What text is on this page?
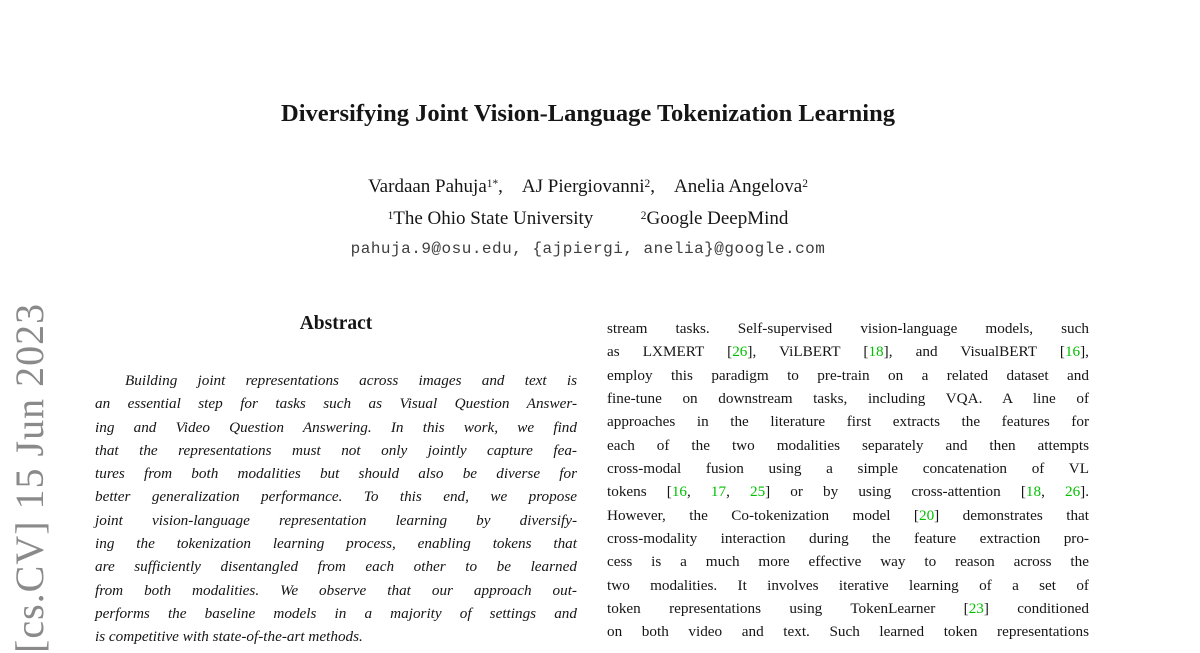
[cs.CV] 15 Jun 2023
Diversifying Joint Vision-Language Tokenization Learning
Vardaan Pahuja$^{1*}$, AJ Piergiovanni$^2$, Anelia Angelova$^2$
$^1$The Ohio State University   	$^2$Google DeepMind
pahuja.9@osu.edu, {ajpiergi, anelia}@google.com
Abstract
Building joint representations across images and text is
an essential step for tasks such as Visual Question Answer-
ing and Video Question Answering. In this work, we find
that the representations must not only jointly capture fea-
tures from both modalities but should also be diverse for
better generalization performance. To this end, we propose
joint vision-language representation learning by diversify-
ing the tokenization learning process, enabling tokens that
are sufficiently disentangled from each other to be learned
from both modalities. We observe that our approach out-
performs the baseline models in a majority of settings and
is competitive with state-of-the-art methods.
stream tasks. Self-supervised vision-language models, such
as LXMERT [26], ViLBERT [18], and VisualBERT [16],
employ this paradigm to pre-train on a related dataset and
fine-tune on downstream tasks, including VQA. A line of
approaches in the literature first extracts the features for
each of the two modalities separately and then attempts
cross-modal fusion using a simple concatenation of VL
tokens [16, 17, 25] or by using cross-attention [18, 26].
However, the Co-tokenization model [20] demonstrates that
cross-modality interaction during the feature extraction pro-
cess is a much more effective way to reason across the
two modalities. It involves iterative learning of a set of
token representations using TokenLearner [23] conditioned
on both video and text. Such learned token representations
